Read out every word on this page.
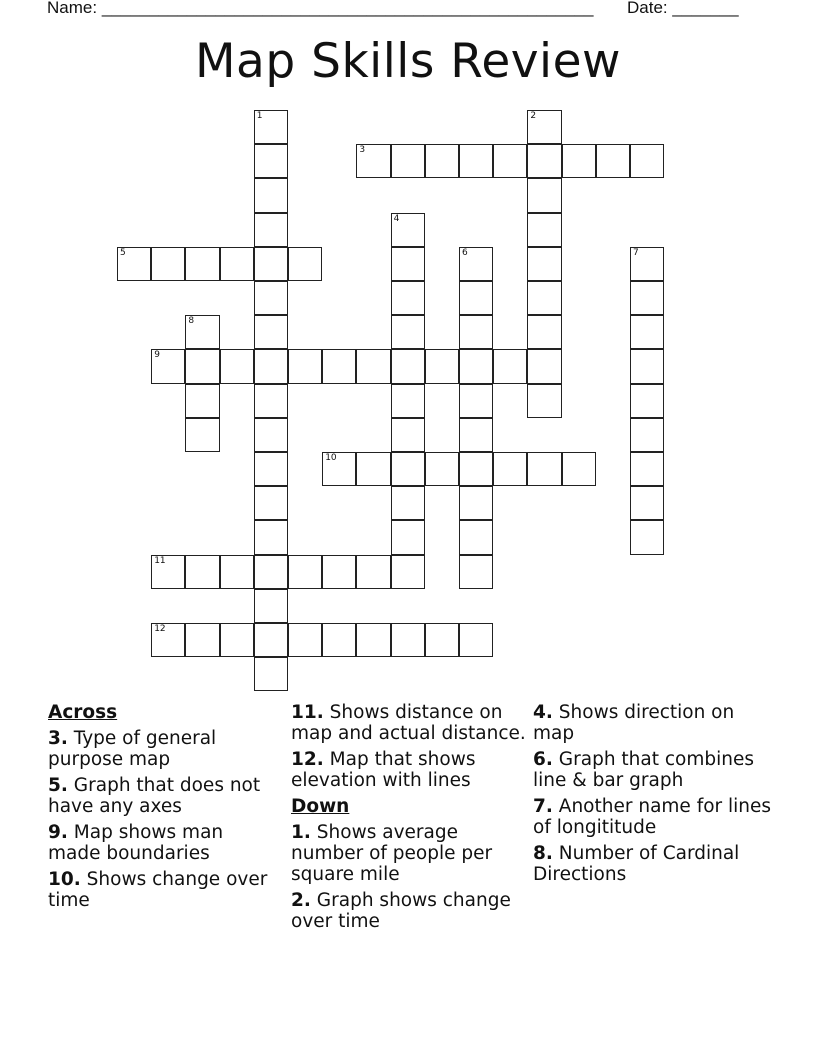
Name: ____________________________________________________ Date: _______
Map Skills Review
1	2
3
4
5	6	7
8
9
10
11
12
Across
3. Type of general purpose map
5. Graph that does not have any axes
9. Map shows man made boundaries
10. Shows change over time
11. Shows distance on map and actual distance.
12. Map that shows elevation with lines
Down
1. Shows average number of people per square mile
2. Graph shows change over time
4. Shows direction on map
6. Graph that combines line & bar graph
7. Another name for lines of longititude
8. Number of Cardinal Directions
